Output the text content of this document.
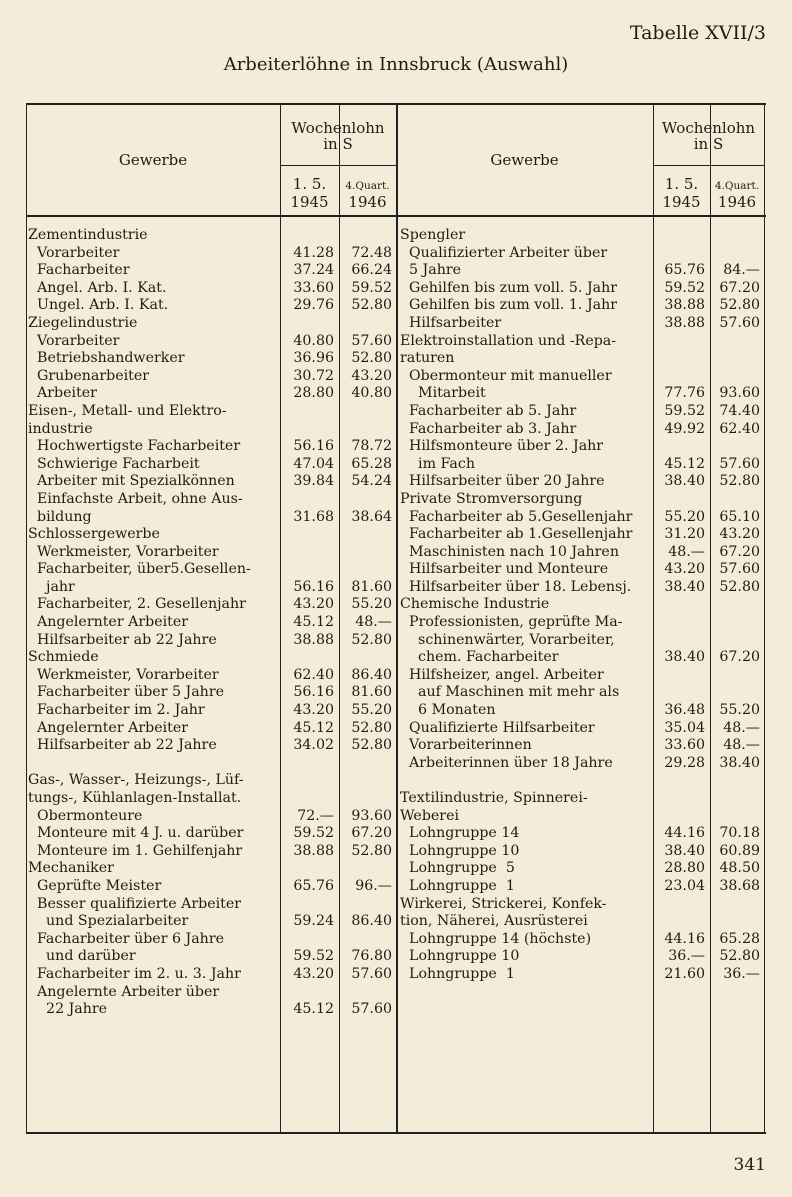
Tabelle XVII/3
Arbeiterlöhne in Innsbruck (Auswahl)
Gewerbe
Wochenlohn
in S
1. 5.
1945
4.Quart.
1946
Gewerbe
Wochenlohn
in S
1. 5.
1945
4.Quart.
1946
Zementindustrie
Vorarbeiter	41.28 72.48
Facharbeiter	37.24 66.24
Angel. Arb. I. Kat.	33.60 59.52
Ungel. Arb. I. Kat.	29.76 52.80
Ziegelindustrie
Vorarbeiter	40.80 57.60
Betriebshandwerker	36.96 52.80
Grubenarbeiter	30.72 43.20
Arbeiter	28.80 40.80
Eisen-, Metall- und Elektro-
industrie
Hochwertigste Facharbeiter	56.16 78.72
Schwierige Facharbeit	47.04 65.28
Arbeiter mit Spezialkönnen	39.84 54.24
Einfachste Arbeit, ohne Aus-
bildung	31.68 38.64
Schlossergewerbe
Werkmeister, Vorarbeiter
Facharbeiter, über5.Gesellen-
jahr	56.16 81.60
Facharbeiter, 2. Gesellenjahr	43.20 55.20
Angelernter Arbeiter	45.12 48.—
Hilfsarbeiter ab 22 Jahre	38.88 52.80
Schmiede
Werkmeister, Vorarbeiter	62.40 86.40
Facharbeiter über 5 Jahre	56.16 81.60
Facharbeiter im 2. Jahr	43.20 55.20
Angelernter Arbeiter	45.12 52.80
Hilfsarbeiter ab 22 Jahre	34.02 52.80
Gas-, Wasser-, Heizungs-, Lüf-
tungs-, Kühlanlagen-Installat.
Obermonteure	72.— 93.60
Monteure mit 4 J. u. darüber	59.52 67.20
Monteure im 1. Gehilfenjahr	38.88 52.80
Mechaniker
Geprüfte Meister	65.76 96.—
Besser qualifizierte Arbeiter
und Spezialarbeiter	59.24 86.40
Facharbeiter über 6 Jahre
und darüber	59.52 76.80
Facharbeiter im 2. u. 3. Jahr	43.20 57.60
Angelernte Arbeiter über
22 Jahre	45.12 57.60
Spengler
Qualifizierter Arbeiter über
5 Jahre	65.76 84.—
Gehilfen bis zum voll. 5. Jahr	59.52 67.20
Gehilfen bis zum voll. 1. Jahr	38.88 52.80
Hilfsarbeiter	38.88 57.60
Elektroinstallation und -Repa-
raturen
Obermonteur mit manueller
Mitarbeit	77.76 93.60
Facharbeiter ab 5. Jahr	59.52 74.40
Facharbeiter ab 3. Jahr	49.92 62.40
Hilfsmonteure über 2. Jahr
im Fach	45.12 57.60
Hilfsarbeiter über 20 Jahre	38.40 52.80
Private Stromversorgung
Facharbeiter ab 5.Gesellenjahr 55.20 65.10
Facharbeiter ab 1.Gesellenjahr 31.20 43.20
Maschinisten nach 10 Jahren	48.— 67.20
Hilfsarbeiter und Monteure	43.20 57.60
Hilfsarbeiter über 18. Lebensj. 38.40 52.80
Chemische Industrie
Professionisten, geprüfte Ma-
schinenwärter, Vorarbeiter,
chem. Facharbeiter	38.40 67.20
Hilfsheizer, angel. Arbeiter
auf Maschinen mit mehr als
6 Monaten	36.48 55.20
Qualifizierte Hilfsarbeiter	35.04 48.—
Vorarbeiterinnen	33.60 48.—
Arbeiterinnen über 18 Jahre	29.28 38.40
Textilindustrie, Spinnerei-
Weberei
Lohngruppe 14	44.16 70.18
Lohngruppe 10	38.40 60.89
Lohngruppe  5	28.80 48.50
Lohngruppe  1	23.04 38.68
Wirkerei, Strickerei, Konfek-
tion, Näherei, Ausrüsterei
Lohngruppe 14 (höchste)	44.16 65.28
Lohngruppe 10	36.— 52.80
Lohngruppe  1	21.60 36.—
341
